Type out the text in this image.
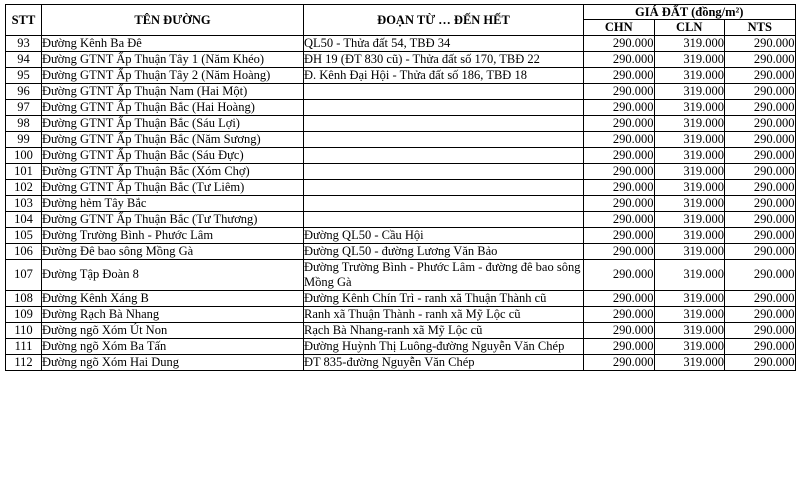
STT	TÊN ĐƯỜNG	ĐOẠN TỪ … ĐẾN HẾT	GIÁ ĐẤT (đồng/m²)		
			CHN	CLN	NTS
93	Đường Kênh Ba Đê	QL50 - Thửa đất 54, TBĐ 34	290.000	319.000	290.000
94	Đường GTNT Ấp Thuận Tây 1 (Năm Khéo)	ĐH 19 (ĐT 830 cũ) - Thửa đất số 170, TBĐ 22	290.000	319.000	290.000
95	Đường GTNT Ấp Thuận Tây 2 (Năm Hoàng)	Đ. Kênh Đại Hội - Thửa đất số 186, TBĐ 18	290.000	319.000	290.000
96	Đường GTNT Ấp Thuận Nam (Hai Một)		290.000	319.000	290.000
97	Đường GTNT Ấp Thuận Bắc (Hai Hoàng)		290.000	319.000	290.000
98	Đường GTNT Ấp Thuận Bắc (Sáu Lợi)		290.000	319.000	290.000
99	Đường GTNT Ấp Thuận Bắc (Năm Sương)		290.000	319.000	290.000
100	Đường GTNT Ấp Thuận Bắc (Sáu Đực)		290.000	319.000	290.000
101	Đường GTNT Ấp Thuận Bắc (Xóm Chợ)		290.000	319.000	290.000
102	Đường GTNT Ấp Thuận Bắc (Tư Liêm)		290.000	319.000	290.000
103	Đường hẻm Tây Bắc		290.000	319.000	290.000
104	Đường GTNT Ấp Thuận Bắc (Tư Thương)		290.000	319.000	290.000
105	Đường Trường Bình - Phước Lâm	Đường QL50 - Cầu Hội	290.000	319.000	290.000
106	Đường Đê bao sông Mồng Gà	Đường QL50 - đường Lương Văn Bảo	290.000	319.000	290.000
107	Đường Tập Đoàn 8	Đường Trường Bình - Phước Lâm - đường đê bao sông Mồng Gà	290.000	319.000	290.000
108	Đường Kênh Xáng B	Đường Kênh Chín Trì - ranh xã Thuận Thành cũ	290.000	319.000	290.000
109	Đường Rạch Bà Nhang	Ranh xã Thuận Thành - ranh xã Mỹ Lộc cũ	290.000	319.000	290.000
110	Đường ngõ Xóm Út Non	Rạch Bà Nhang-ranh xã Mỹ Lộc cũ	290.000	319.000	290.000
111	Đường ngõ Xóm Ba Tấn	Đường Huỳnh Thị Luông-đường Nguyễn Văn Chép	290.000	319.000	290.000
112	Đường ngõ Xóm Hai Dung	ĐT 835-đường Nguyễn Văn Chép	290.000	319.000	290.000
